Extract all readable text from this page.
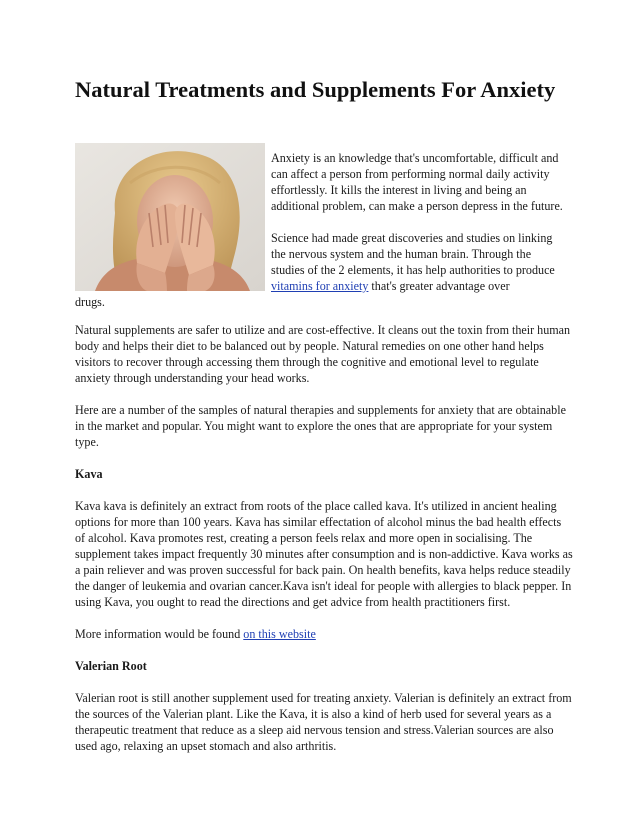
Natural Treatments and Supplements For Anxiety

Anxiety is an knowledge that's uncomfortable, difficult and can affect a person from performing normal daily activity effortlessly. It kills the interest in living and being an additional problem, can make a person depress in the future.

Science had made great discoveries and studies on linking the nervous system and the human brain. Through the studies of the 2 elements, it has help authorities to produce vitamins for anxiety that's greater advantage over

drugs.

Natural supplements are safer to utilize and are cost-effective. It cleans out the toxin from their human body and helps their diet to be balanced out by people. Natural remedies on one other hand helps visitors to recover through accessing them through the cognitive and emotional level to regulate anxiety through understanding your head works.

Here are a number of the samples of natural therapies and supplements for anxiety that are obtainable in the market and popular. You might want to explore the ones that are appropriate for your system type.

Kava

Kava kava is definitely an extract from roots of the place called kava. It's utilized in ancient healing options for more than 100 years. Kava has similar effectation of alcohol minus the bad health effects of alcohol. Kava promotes rest, creating a person feels relax and more open in socialising. The supplement takes impact frequently 30 minutes after consumption and is non-addictive. Kava works as a pain reliever and was proven successful for back pain. On health benefits, kava helps reduce steadily the danger of leukemia and ovarian cancer.Kava isn't ideal for people with allergies to black pepper. In using Kava, you ought to read the directions and get advice from health practitioners first.

More information would be found on this website

Valerian Root

Valerian root is still another supplement used for treating anxiety. Valerian is definitely an extract from the sources of the Valerian plant. Like the Kava, it is also a kind of herb used for several years as a therapeutic treatment that reduce as a sleep aid nervous tension and stress.Valerian sources are also used ago, relaxing an upset stomach and also arthritis.
